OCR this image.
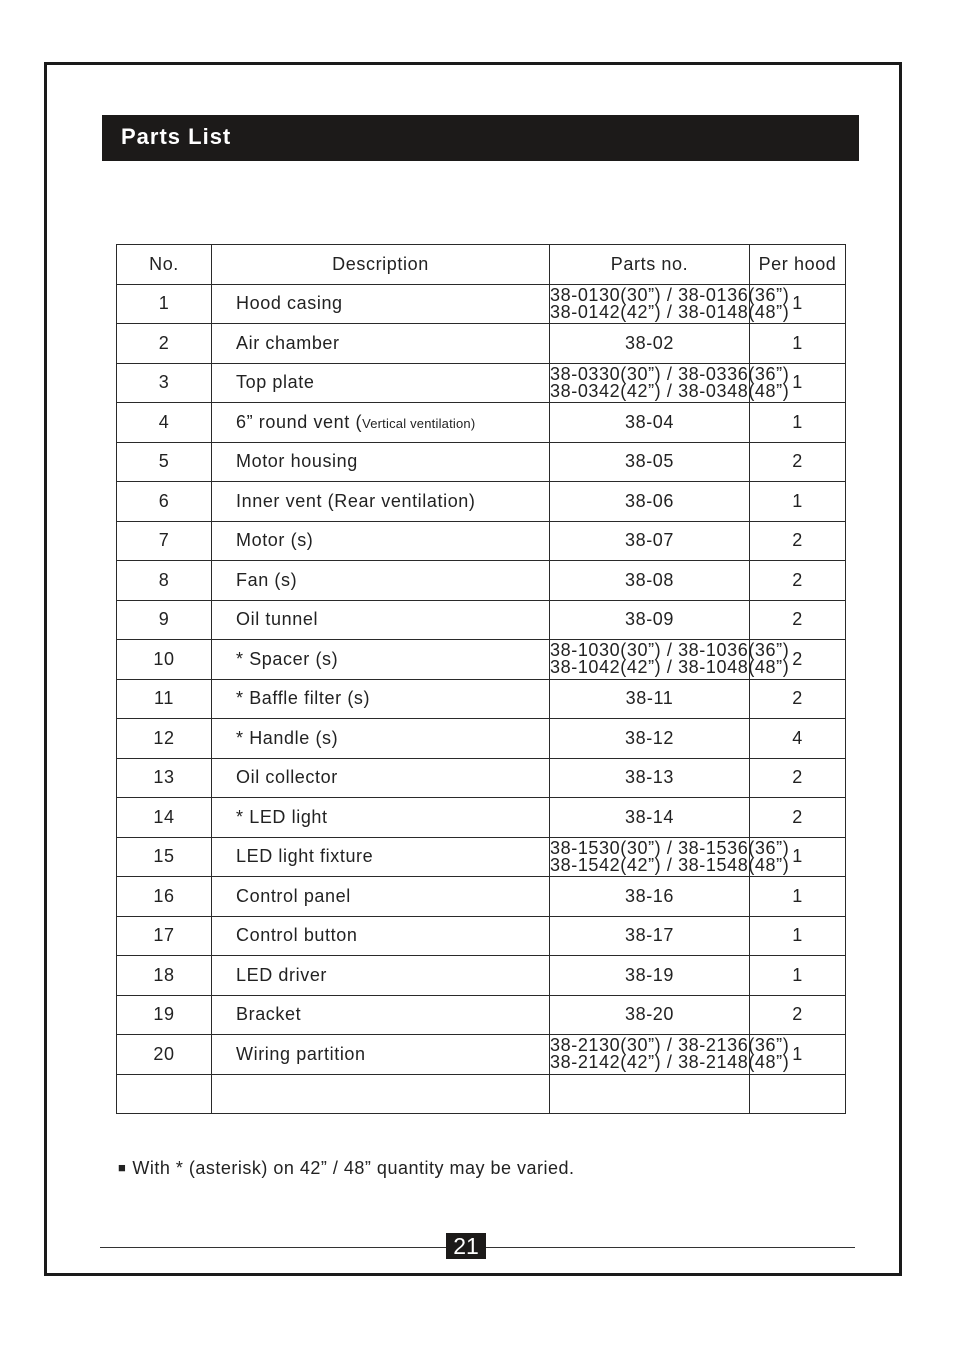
Parts List
No.	Description	Parts no.	Per hood
1	Hood casing	38-0130(30”) / 38-0136(36”)
38-0142(42”) / 38-0148(48”)	1
2	Air chamber	38-02	1
3	Top plate	38-0330(30”) / 38-0336(36”)
38-0342(42”) / 38-0348(48”)	1
4	6” round vent (Vertical ventilation)	38-04	1
5	Motor housing	38-05	2
6	Inner vent (Rear ventilation)	38-06	1
7	Motor (s)	38-07	2
8	Fan (s)	38-08	2
9	Oil tunnel	38-09	2
10	* Spacer (s)	38-1030(30”) / 38-1036(36”)
38-1042(42”) / 38-1048(48”)	2
11	* Baffle filter (s)	38-11	2
12	* Handle (s)	38-12	4
13	Oil collector	38-13	2
14	* LED light	38-14	2
15	LED light fixture	38-1530(30”) / 38-1536(36”)
38-1542(42”) / 38-1548(48”)	1
16	Control panel	38-16	1
17	Control button	38-17	1
18	LED driver	38-19	1
19	Bracket	38-20	2
20	Wiring partition	38-2130(30”) / 38-2136(36”)
38-2142(42”) / 38-2148(48”)	1

■ With * (asterisk) on 42” / 48” quantity may be varied.
21
